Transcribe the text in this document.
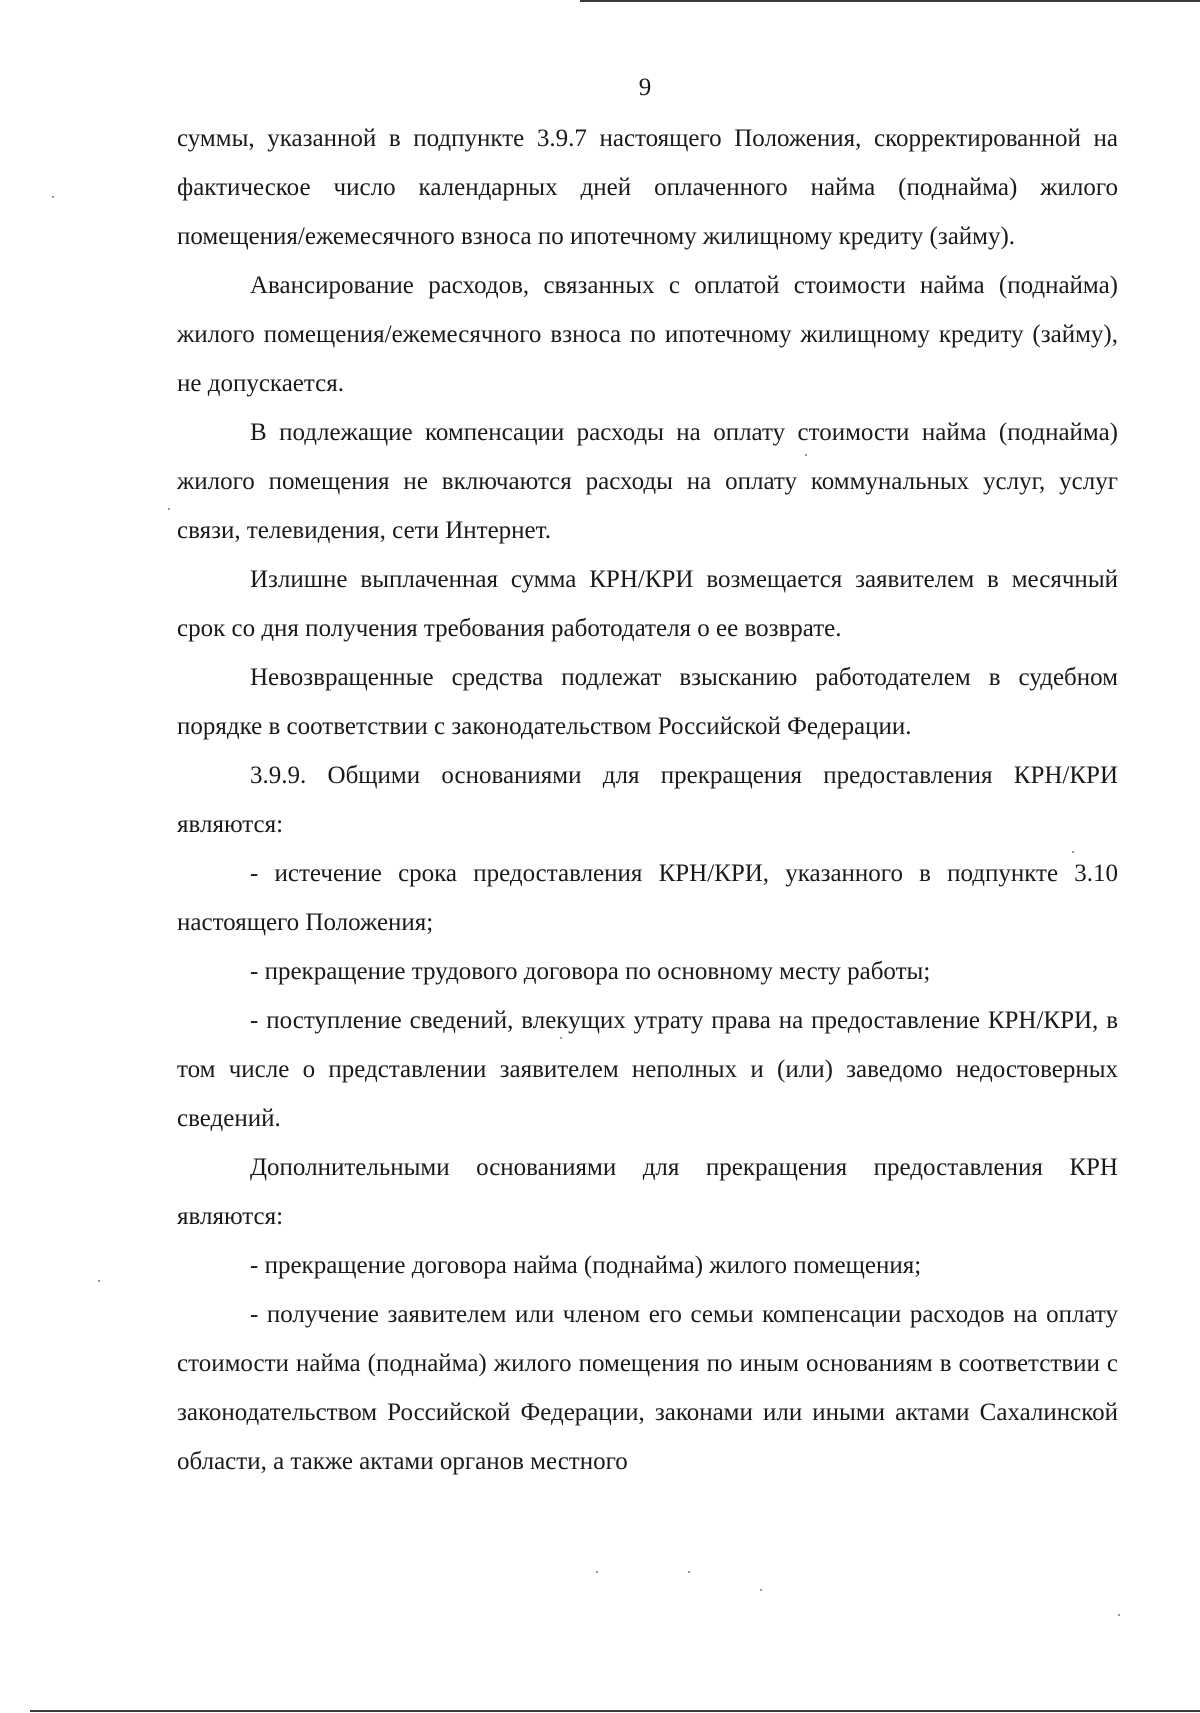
9

суммы, указанной в подпункте 3.9.7 настоящего Положения, скорректированной на фактическое число календарных дней оплаченного найма (поднайма) жилого помещения/ежемесячного взноса по ипотечному жилищному кредиту (займу).

Авансирование расходов, связанных с оплатой стоимости найма (поднайма) жилого помещения/ежемесячного взноса по ипотечному жилищному кредиту (займу), не допускается.

В подлежащие компенсации расходы на оплату стоимости найма (поднайма) жилого помещения не включаются расходы на оплату коммунальных услуг, услуг связи, телевидения, сети Интернет.

Излишне выплаченная сумма КРН/КРИ возмещается заявителем в месячный срок со дня получения требования работодателя о ее возврате.

Невозвращенные средства подлежат взысканию работодателем в судебном порядке в соответствии с законодательством Российской Федерации.

3.9.9. Общими основаниями для прекращения предоставления КРН/КРИ являются:

- истечение срока предоставления КРН/КРИ, указанного в подпункте 3.10 настоящего Положения;

- прекращение трудового договора по основному месту работы;

- поступление сведений, влекущих утрату права на предоставление КРН/КРИ, в том числе о представлении заявителем неполных и (или) заведомо недостоверных сведений.

Дополнительными основаниями для прекращения предоставления КРН являются:

- прекращение договора найма (поднайма) жилого помещения;

- получение заявителем или членом его семьи компенсации расходов на оплату стоимости найма (поднайма) жилого помещения по иным основаниям в соответствии с законодательством Российской Федерации, законами или иными актами Сахалинской области, а также актами органов местного
